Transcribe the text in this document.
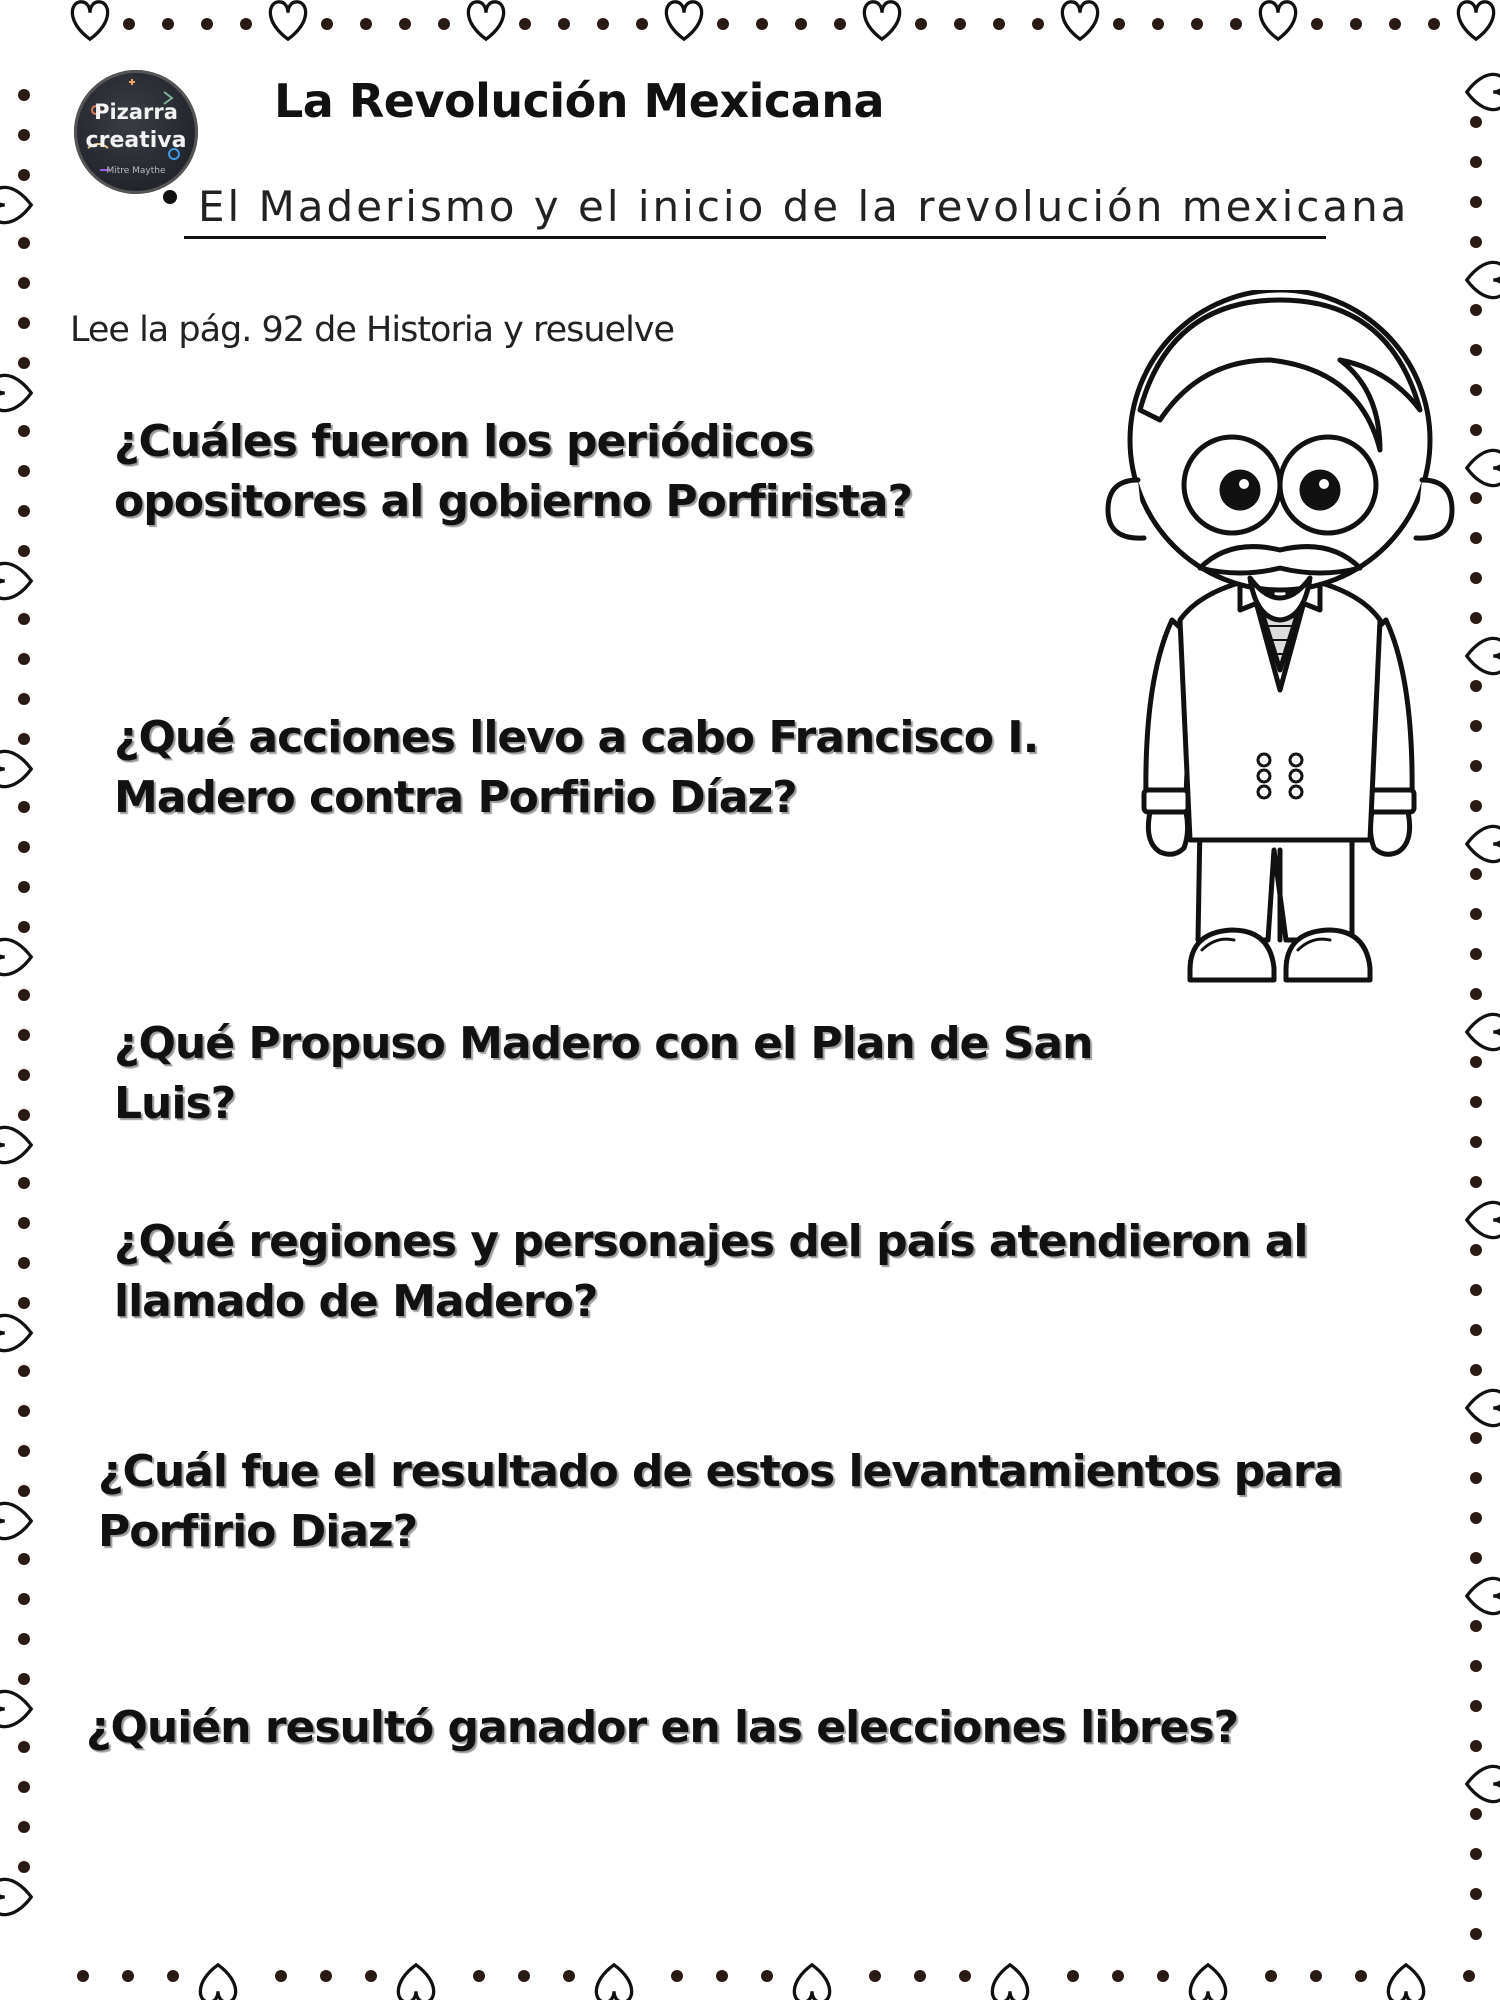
Pizarra
creativa
Mitre Maythe
La Revolución Mexicana
El Maderismo y el inicio de la revolución mexicana
Lee la pág. 92 de Historia y resuelve
¿Cuáles fueron los periódicos opositores al gobierno Porfirista?
¿Qué acciones llevo a cabo Francisco I. Madero contra Porfirio Díaz?
¿Qué Propuso Madero con el Plan de San Luis?
¿Qué regiones y personajes del país atendieron al llamado de Madero?
¿Cuál fue el resultado de estos levantamientos para Porfirio Diaz?
¿Quién resultó ganador en las elecciones libres?
